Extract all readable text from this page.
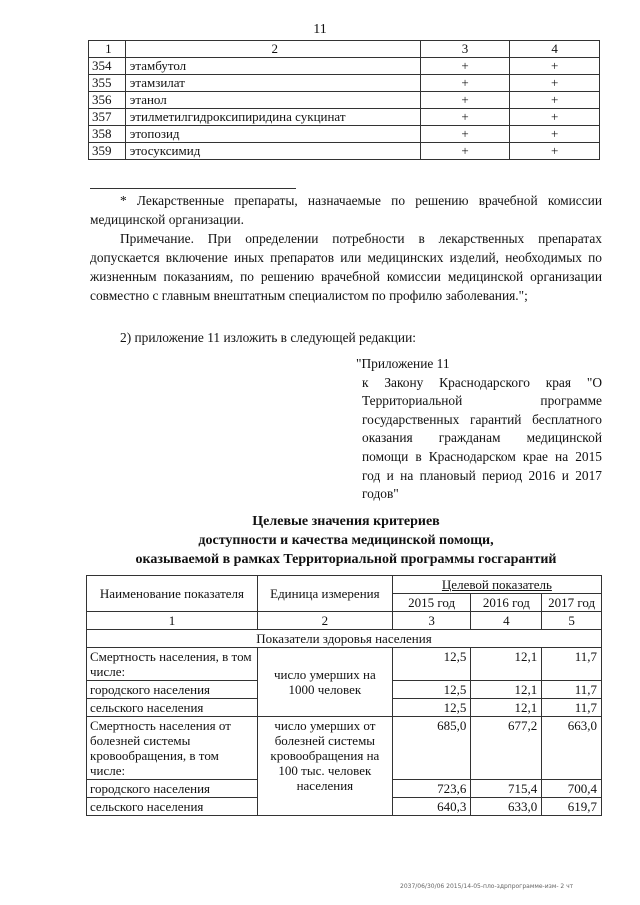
11
1	2	3	4
354	этамбутол	+	+
355	этамзилат	+	+
356	этанол	+	+
357	этилметилгидроксипиридина сукцинат	+	+
358	этопозид	+	+
359	этосуксимид	+	+
* Лекарственные препараты, назначаемые по решению врачебной комиссии медицинской организации.
Примечание. При определении потребности в лекарственных препаратах допускается включение иных препаратов или медицинских изделий, необходимых по жизненным показаниям, по решению врачебной комиссии медицинской организации совместно с главным внештатным специалистом по профилю заболевания.";
2) приложение 11 изложить в следующей редакции:
"Приложение 11
к Закону Краснодарского края "О Территориальной программе государственных гарантий бесплатного оказания гражданам медицинской помощи в Краснодарском крае на 2015 год и на плановый период 2016 и 2017 годов"
Целевые значения критериев
доступности и качества медицинской помощи,
оказываемой в рамках Территориальной программы госгарантий
Наименование показателя	Единица измерения	Целевой показатель		
		2015 год	2016 год	2017 год
1	2	3	4	5
Показатели здоровья населения				
Смертность населения, в том числе:	число умерших на 1000 человек	12,5	12,1	11,7
городского населения		12,5	12,1	11,7
сельского населения		12,5	12,1	11,7
Смертность населения от болезней системы кровообращения, в том числе:	число умерших от болезней системы кровообращения на 100 тыс. человек населения	685,0	677,2	663,0
городского населения		723,6	715,4	700,4
сельского населения		640,3	633,0	619,7
2037/06/30/06 2015/14-05-пло-здрпрограмме-изм- 2 чт
